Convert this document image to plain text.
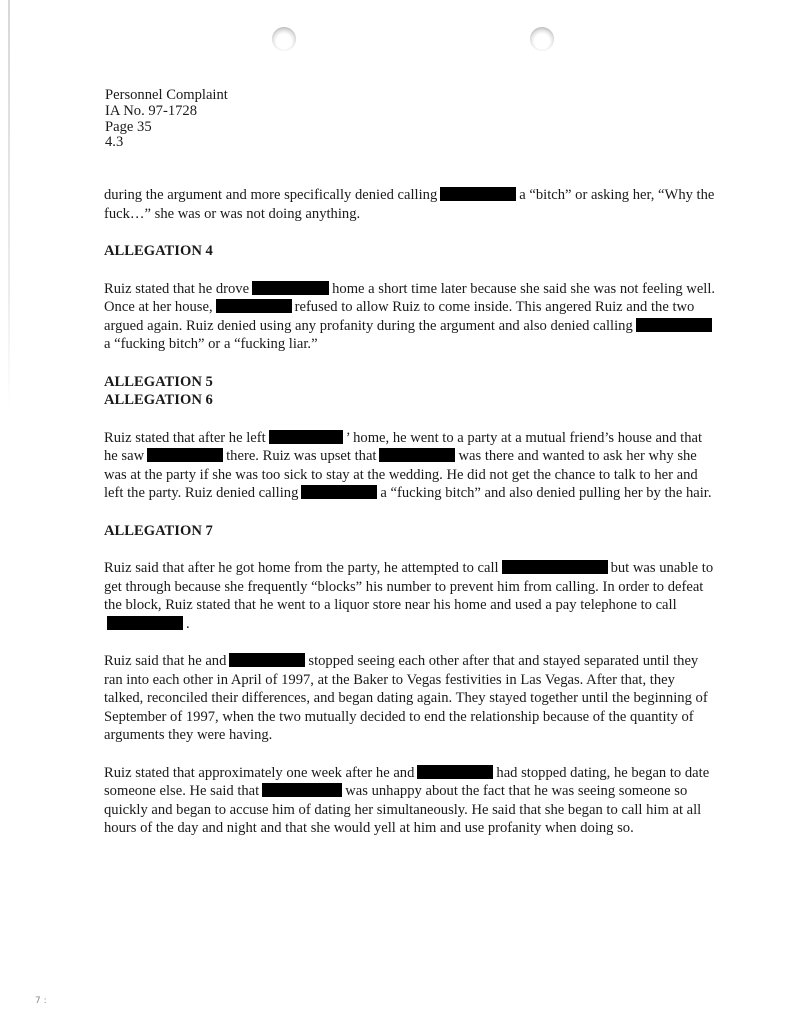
Personnel Complaint
IA No. 97-1728
Page 35
4.3

during the argument and more specifically denied calling	a “bitch” or asking her, “Why the fuck…” she was or was not doing anything.

ALLEGATION 4

Ruiz stated that he drove	home a short time later because she said she was not feeling well. Once at her house,	refused to allow Ruiz to come inside. This angered Ruiz and the two argued again. Ruiz denied using any profanity during the argument and also denied callinga “fucking bitch” or a “fucking liar.”

ALLEGATION 5
ALLEGATION 6

Ruiz stated that after he left	’ home, he went to a party at a mutual friend’s house and that he saw	there. Ruiz was upset that	was there and wanted to ask her why she was at the party if she was too sick to stay at the wedding. He did not get the chance to talk to her and left the party. Ruiz denied calling	a “fucking bitch” and also denied pulling her by the hair.

ALLEGATION 7

Ruiz said that after he got home from the party, he attempted to call	but was unable to get through because she frequently “blocks” his number to prevent him from calling. In order to defeat the block, Ruiz stated that he went to a liquor store near his home and used a pay telephone to call.

Ruiz said that he and	stopped seeing each other after that and stayed separated until they ran into each other in April of 1997, at the Baker to Vegas festivities in Las Vegas. After that, they talked, reconciled their differences, and began dating again. They stayed together until the beginning of September of 1997, when the two mutually decided to end the relationship because of the quantity of arguments they were having.

Ruiz stated that approximately one week after he and	had stopped dating, he began to date someone else. He said that	was unhappy about the fact that he was seeing someone so quickly and began to accuse him of dating her simultaneously. He said that she began to call him at all hours of the day and night and that she would yell at him and use profanity when doing so.

7 :
